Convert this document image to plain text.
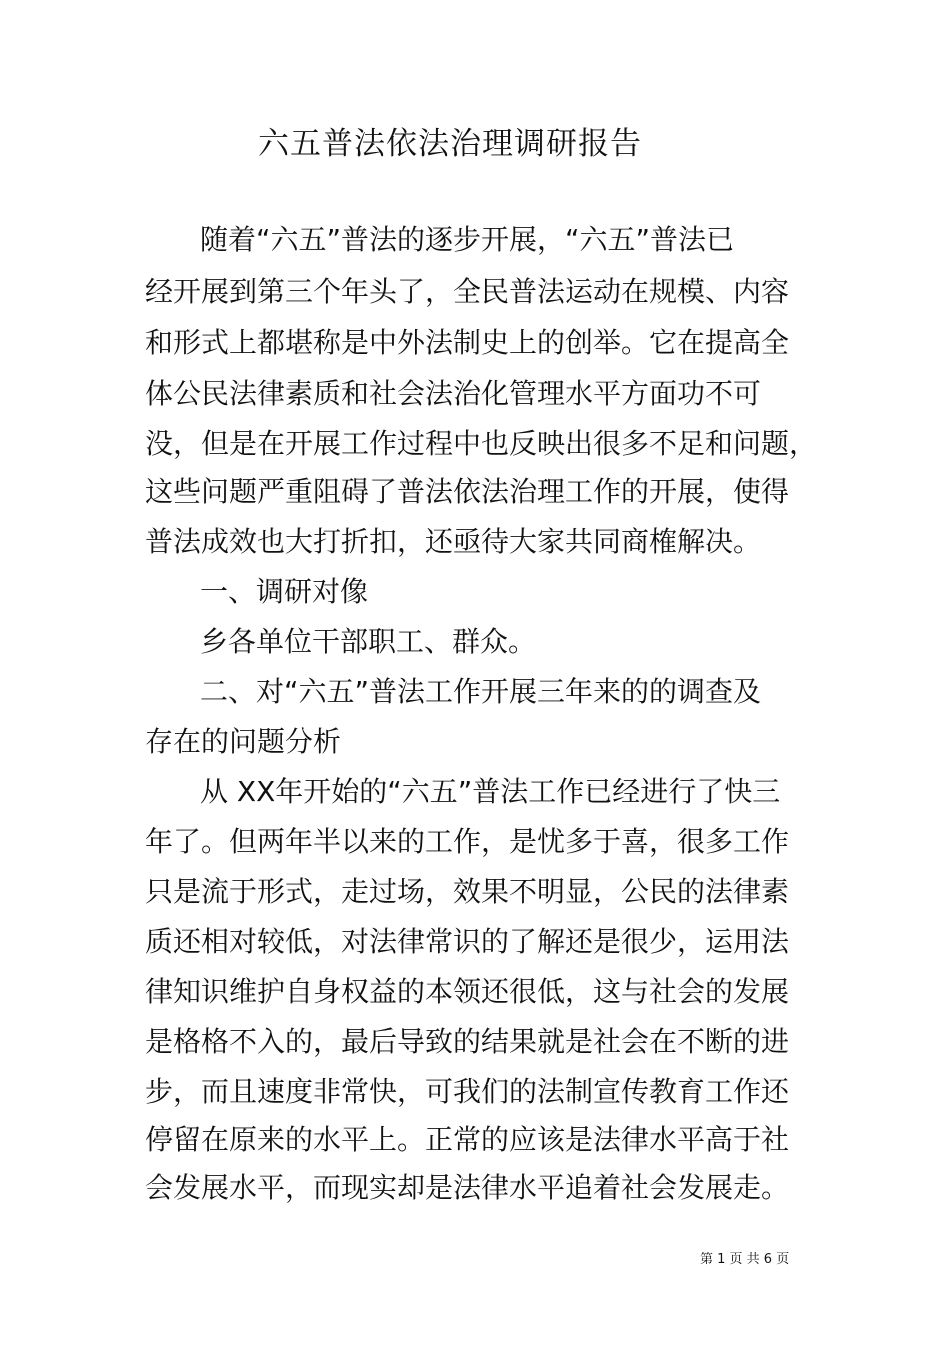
六五普法依法治理调研报告

随着“六五”普法的逐步开展，“六五”普法已

经开展到第三个年头了，全民普法运动在规模、内容

和形式上都堪称是中外法制史上的创举。它在提高全

体公民法律素质和社会法治化管理水平方面功不可

没，但是在开展工作过程中也反映出很多不足和问题，

这些问题严重阻碍了普法依法治理工作的开展，使得

普法成效也大打折扣，还亟待大家共同商榷解决。

一、调研对像

乡各单位干部职工、群众。

二、对“六五”普法工作开展三年来的的调查及

存在的问题分析

从 XX年开始的“六五”普法工作已经进行了快三

年了。但两年半以来的工作，是忧多于喜，很多工作

只是流于形式，走过场，效果不明显，公民的法律素

质还相对较低，对法律常识的了解还是很少，运用法

律知识维护自身权益的本领还很低，这与社会的发展

是格格不入的，最后导致的结果就是社会在不断的进

步，而且速度非常快，可我们的法制宣传教育工作还

停留在原来的水平上。正常的应该是法律水平高于社

会发展水平，而现实却是法律水平追着社会发展走。

第 1 页 共 6 页
